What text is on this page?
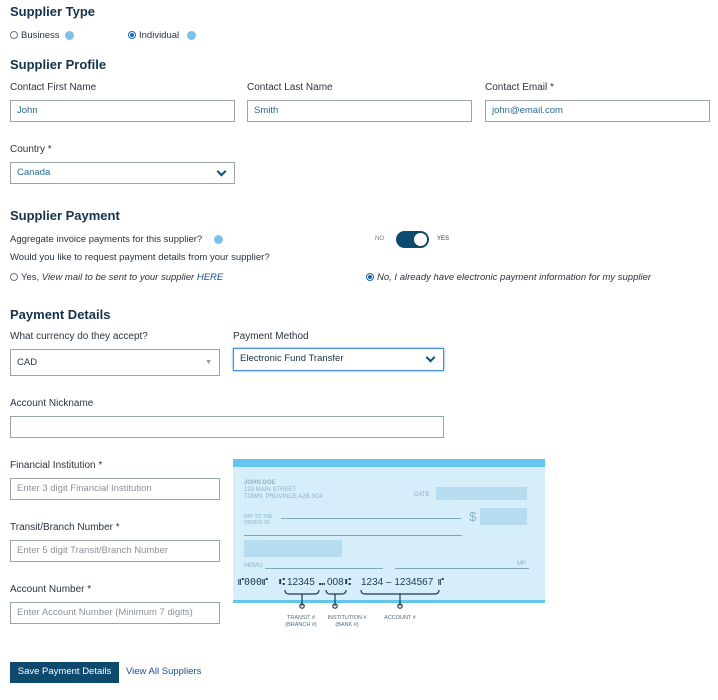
Supplier Type
Business	Individual
Supplier Profile
Contact First Name
John
Contact Last Name
Smith
Contact Email *
john@email.com
Country *
Canada
Supplier Payment
Aggregate invoice payments for this supplier?	NO	YES
Would you like to request payment details from your supplier?
Yes, View mail to be sent to your supplier HERE	No, I already have electronic payment information for my supplier
Payment Details
What currency do they accept?
CAD	▼
Payment Method
Electronic Fund Transfer
Account Nickname
Financial Institution *
Enter 3 digit Financial Institution
Transit/Branch Number *
Enter 5 digit Transit/Branch Number
Account Number *
Enter Account Number (Minimum 7 digits)
JOHN DOE
123 MAIN STREET
TOWN, PROVINCE A2B 3C4	DATE
PAY TO THE
ORDER OF	$
MEMO	MP
⑈000⑈ ⑆ 12345 ⑉ 008 ⑆ 1234 – 1234567 ⑈
TRANSIT #
(BRANCH #)
INSTITUTION #
(BANK #)
ACCOUNT #
Save Payment Details	View All Suppliers
